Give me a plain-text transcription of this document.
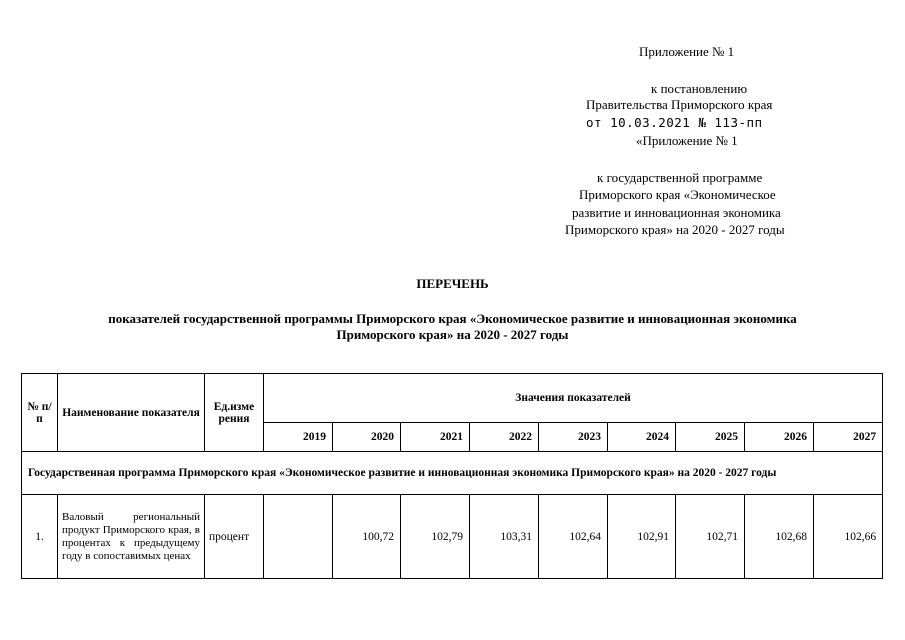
Приложение № 1
к постановлению
Правительства Приморского края
от 10.03.2021 № 113-пп
«Приложение № 1
к государственной программе
Приморского края «Экономическое
развитие и инновационная экономика
Приморского края» на 2020 - 2027 годы
ПЕРЕЧЕНЬ
показателей государственной программы Приморского края «Экономическое развитие и инновационная экономика
Приморского края» на 2020 - 2027 годы
№ п/п	Наименование показателя	Ед.изме рения	Значения показателей								
			2019	2020	2021	2022	2023	2024	2025	2026	2027
Государственная программа Приморского края «Экономическое развитие и инновационная экономика Приморского края» на 2020 - 2027 годы											
1.	Валовый региональный продукт Приморского края, в процентах к предыдущему году в сопоставимых ценах	процент		100,72	102,79	103,31	102,64	102,91	102,71	102,68	102,66
